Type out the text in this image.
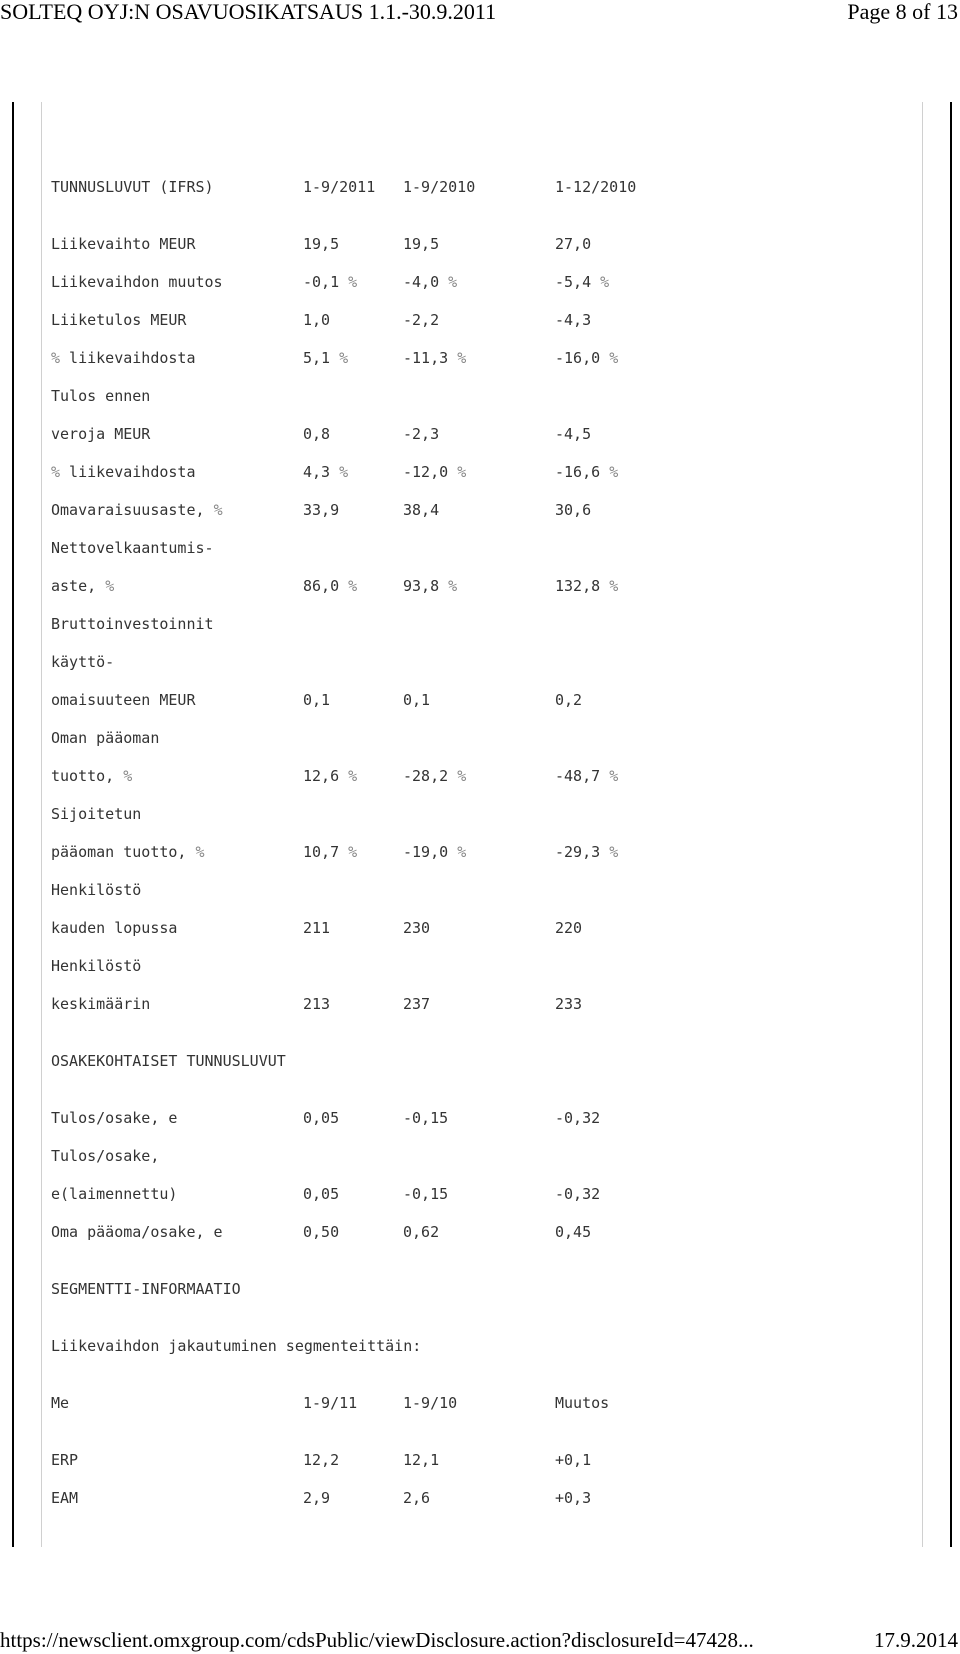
SOLTEQ OYJ:N OSAVUOSIKATSAUS 1.1.-30.9.2011	Page 8 of 13
TUNNUSLUVUT (IFRS)	1-9/2011 1-9/2010	1-12/2010
Liikevaihto MEUR	19,5	19,5	27,0
Liikevaihdon muutos	-0,1 %	-4,0 %	-5,4 %
Liiketulos MEUR	1,0	-2,2	-4,3
% liikevaihdosta	5,1 %	-11,3 %	-16,0 %
Tulos ennen
veroja MEUR	0,8	-2,3	-4,5
% liikevaihdosta	4,3 %	-12,0 %	-16,6 %
Omavaraisuusaste, %	33,9	38,4	30,6
Nettovelkaantumis-
aste, %	86,0 %	93,8 %	132,8 %
Bruttoinvestoinnit
käyttö-
omaisuuteen MEUR	0,1	0,1	0,2
Oman pääoman
tuotto, %	12,6 %	-28,2 %	-48,7 %
Sijoitetun
pääoman tuotto, %	10,7 %	-19,0 %	-29,3 %
Henkilöstö
kauden lopussa	211	230	220
Henkilöstö
keskimäärin	213	237	233
OSAKEKOHTAISET TUNNUSLUVUT
Tulos/osake, e	0,05	-0,15	-0,32
Tulos/osake,
e(laimennettu)	0,05	-0,15	-0,32
Oma pääoma/osake, e	0,50	0,62	0,45
SEGMENTTI-INFORMAATIO
Liikevaihdon jakautuminen segmenteittäin:
Me	1-9/11	1-9/10	Muutos
ERP	12,2	12,1	+0,1
EAM	2,9	2,6	+0,3
https://newsclient.omxgroup.com/cdsPublic/viewDisclosure.action?disclosureId=47428...	17.9.2014
